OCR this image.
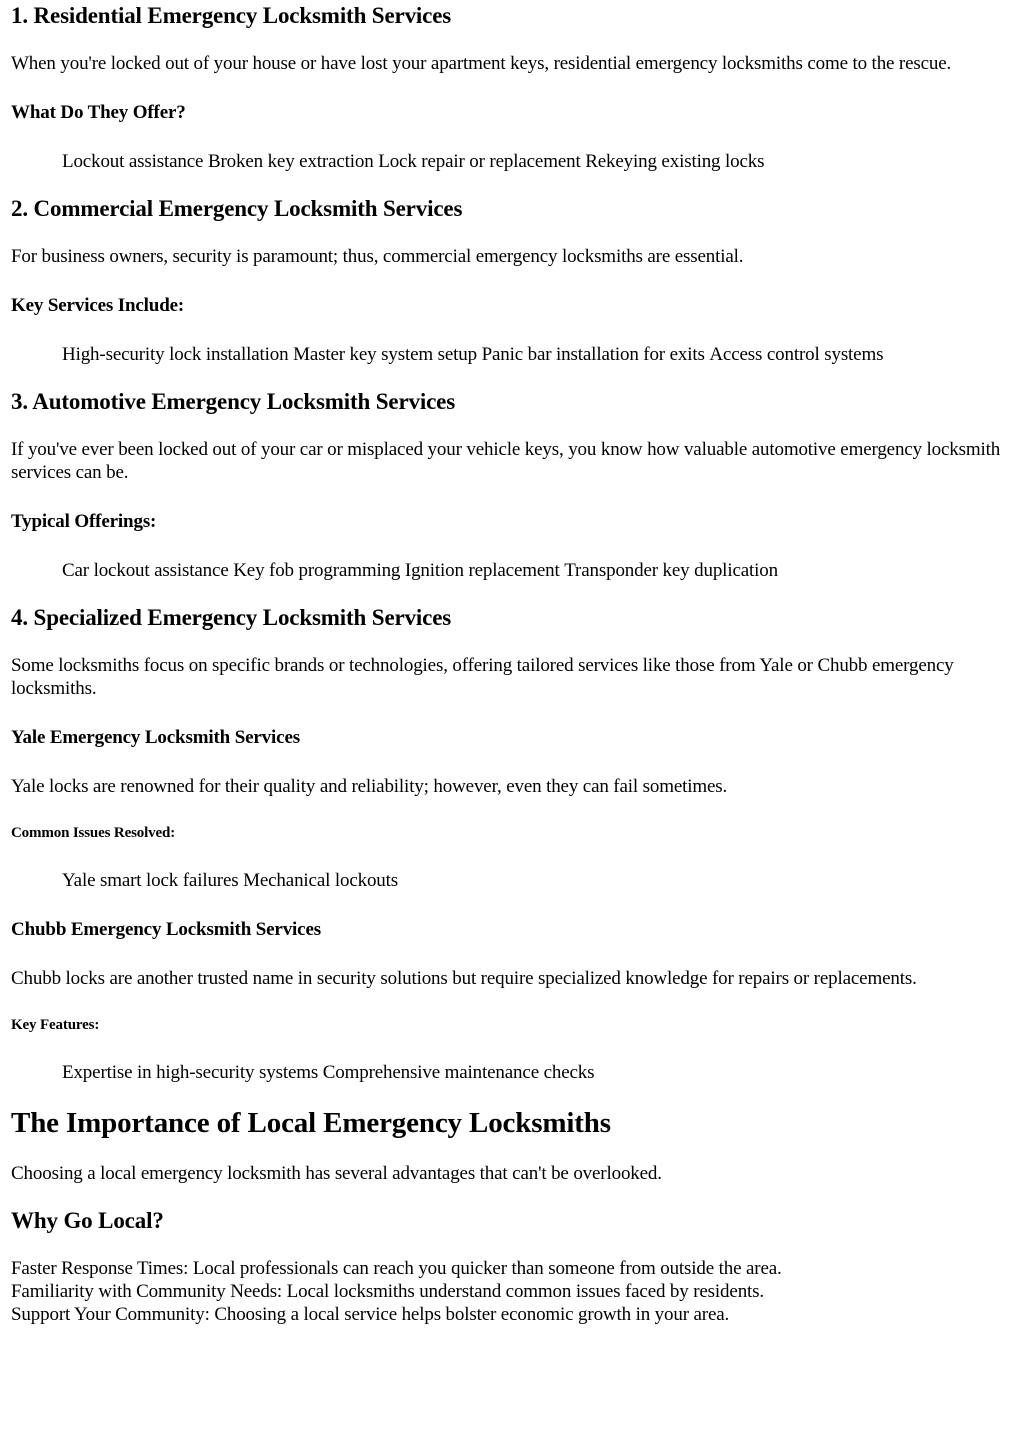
1. Residential Emergency Locksmith Services

When you're locked out of your house or have lost your apartment keys, residential emergency locksmiths come to the rescue.

What Do They Offer?
Lockout assistance Broken key extraction Lock repair or replacement Rekeying existing locks
2. Commercial Emergency Locksmith Services

For business owners, security is paramount; thus, commercial emergency locksmiths are essential.

Key Services Include:
High-security lock installation Master key system setup Panic bar installation for exits Access control systems
3. Automotive Emergency Locksmith Services

If you've ever been locked out of your car or misplaced your vehicle keys, you know how valuable automotive emergency locksmith services can be.

Typical Offerings:
Car lockout assistance Key fob programming Ignition replacement Transponder key duplication
4. Specialized Emergency Locksmith Services

Some locksmiths focus on specific brands or technologies, offering tailored services like those from Yale or Chubb emergency locksmiths.

Yale Emergency Locksmith Services

Yale locks are renowned for their quality and reliability; however, even they can fail sometimes.

Common Issues Resolved:
Yale smart lock failures Mechanical lockouts
Chubb Emergency Locksmith Services

Chubb locks are another trusted name in security solutions but require specialized knowledge for repairs or replacements.

Key Features:
Expertise in high-security systems Comprehensive maintenance checks
The Importance of Local Emergency Locksmiths

Choosing a local emergency locksmith has several advantages that can't be overlooked.

Why Go Local?
Faster Response Times: Local professionals can reach you quicker than someone from outside the area.
Familiarity with Community Needs: Local locksmiths understand common issues faced by residents.
Support Your Community: Choosing a local service helps bolster economic growth in your area.
